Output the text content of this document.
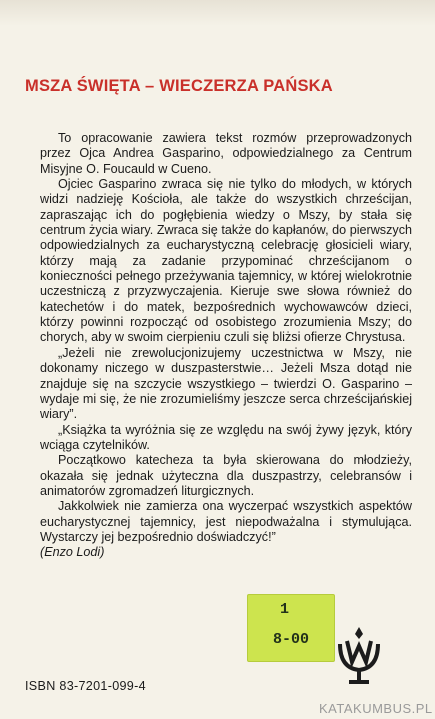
MSZA ŚWIĘTA – WIECZERZA PAŃSKA

To opracowanie zawiera tekst rozmów przeprowadzonych przez Ojca Andrea Gasparino, odpowiedzialnego za Centrum Misyjne O. Foucauld w Cueno.

Ojciec Gasparino zwraca się nie tylko do młodych, w których widzi nadzieję Kościoła, ale także do wszystkich chrześcijan, zapraszając ich do pogłębienia wiedzy o Mszy, by stała się centrum życia wiary. Zwraca się także do kapłanów, do pierwszych odpowiedzialnych za eucharystyczną celebrację głosicieli wiary, którzy mają za zadanie przypominać chrześcijanom o konieczności pełnego przeżywania tajemnicy, w której wielokrotnie uczestniczą z przyzwyczajenia. Kieruje swe słowa również do katechetów i do matek, bezpośrednich wychowawców dzieci, którzy powinni rozpocząć od osobistego zrozumienia Mszy; do chorych, aby w swoim cierpieniu czuli się bliżsi ofierze Chrystusa.

„Jeżeli nie zrewolucjonizujemy uczestnictwa w Mszy, nie dokonamy niczego w duszpasterstwie… Jeżeli Msza dotąd nie znajduje się na szczycie wszystkiego – twierdzi O. Gasparino – wydaje mi się, że nie zrozumieliśmy jeszcze serca chrześcijańskiej wiary”.

„Książka ta wyróżnia się ze względu na swój żywy język, który wciąga czytelników.

Początkowo katecheza ta była skierowana do młodzieży, okazała się jednak użyteczna dla duszpastrzy, celebransów i animatorów zgromadzeń liturgicznych.

Jakkolwiek nie zamierza ona wyczerpać wszystkich aspektów eucharystycznej tajemnicy, jest niepodważalna i stymulująca. Wystarczy jej bezpośrednio doświadczyć!”

(Enzo Lodi)

1
8-00
ISBN 83-7201-099-4
KATAKUMBUS.PL
